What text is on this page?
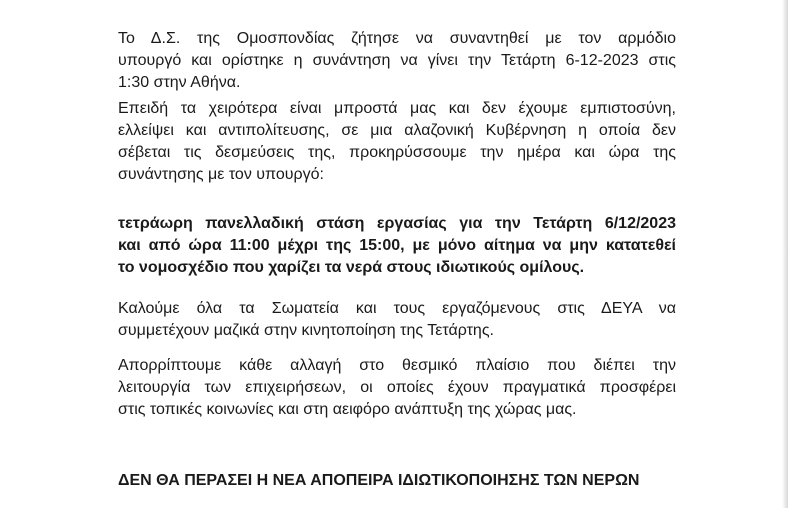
Το Δ.Σ. της Ομοσπονδίας ζήτησε να συναντηθεί με τον αρμόδιο
υπουργό και ορίστηκε η συνάντηση να γίνει την Τετάρτη 6-12-2023 στις
1:30 στην Αθήνα.

Επειδή τα χειρότερα είναι μπροστά μας και δεν έχουμε εμπιστοσύνη,
ελλείψει και αντιπολίτευσης, σε μια αλαζονική Κυβέρνηση η οποία δεν
σέβεται τις δεσμεύσεις της, προκηρύσσουμε την ημέρα και ώρα της
συνάντησης με τον υπουργό:

τετράωρη πανελλαδική στάση εργασίας για την Τετάρτη 6/12/2023
και από ώρα 11:00 μέχρι της 15:00, με μόνο αίτημα να μην κατατεθεί
το νομοσχέδιο που χαρίζει τα νερά στους ιδιωτικούς ομίλους.

Καλούμε όλα τα Σωματεία και τους εργαζόμενους στις ΔΕΥΑ να
συμμετέχουν μαζικά στην κινητοποίηση της Τετάρτης.

Απορρίπτουμε κάθε αλλαγή στο θεσμικό πλαίσιο που διέπει την
λειτουργία των επιχειρήσεων, οι οποίες έχουν πραγματικά προσφέρει
στις τοπικές κοινωνίες και στη αειφόρο ανάπτυξη της χώρας μας.

ΔΕΝ ΘΑ ΠΕΡΑΣΕΙ Η ΝΕΑ ΑΠΟΠΕΙΡΑ ΙΔΙΩΤΙΚΟΠΟΙΗΣΗΣ ΤΩΝ ΝΕΡΩΝ
